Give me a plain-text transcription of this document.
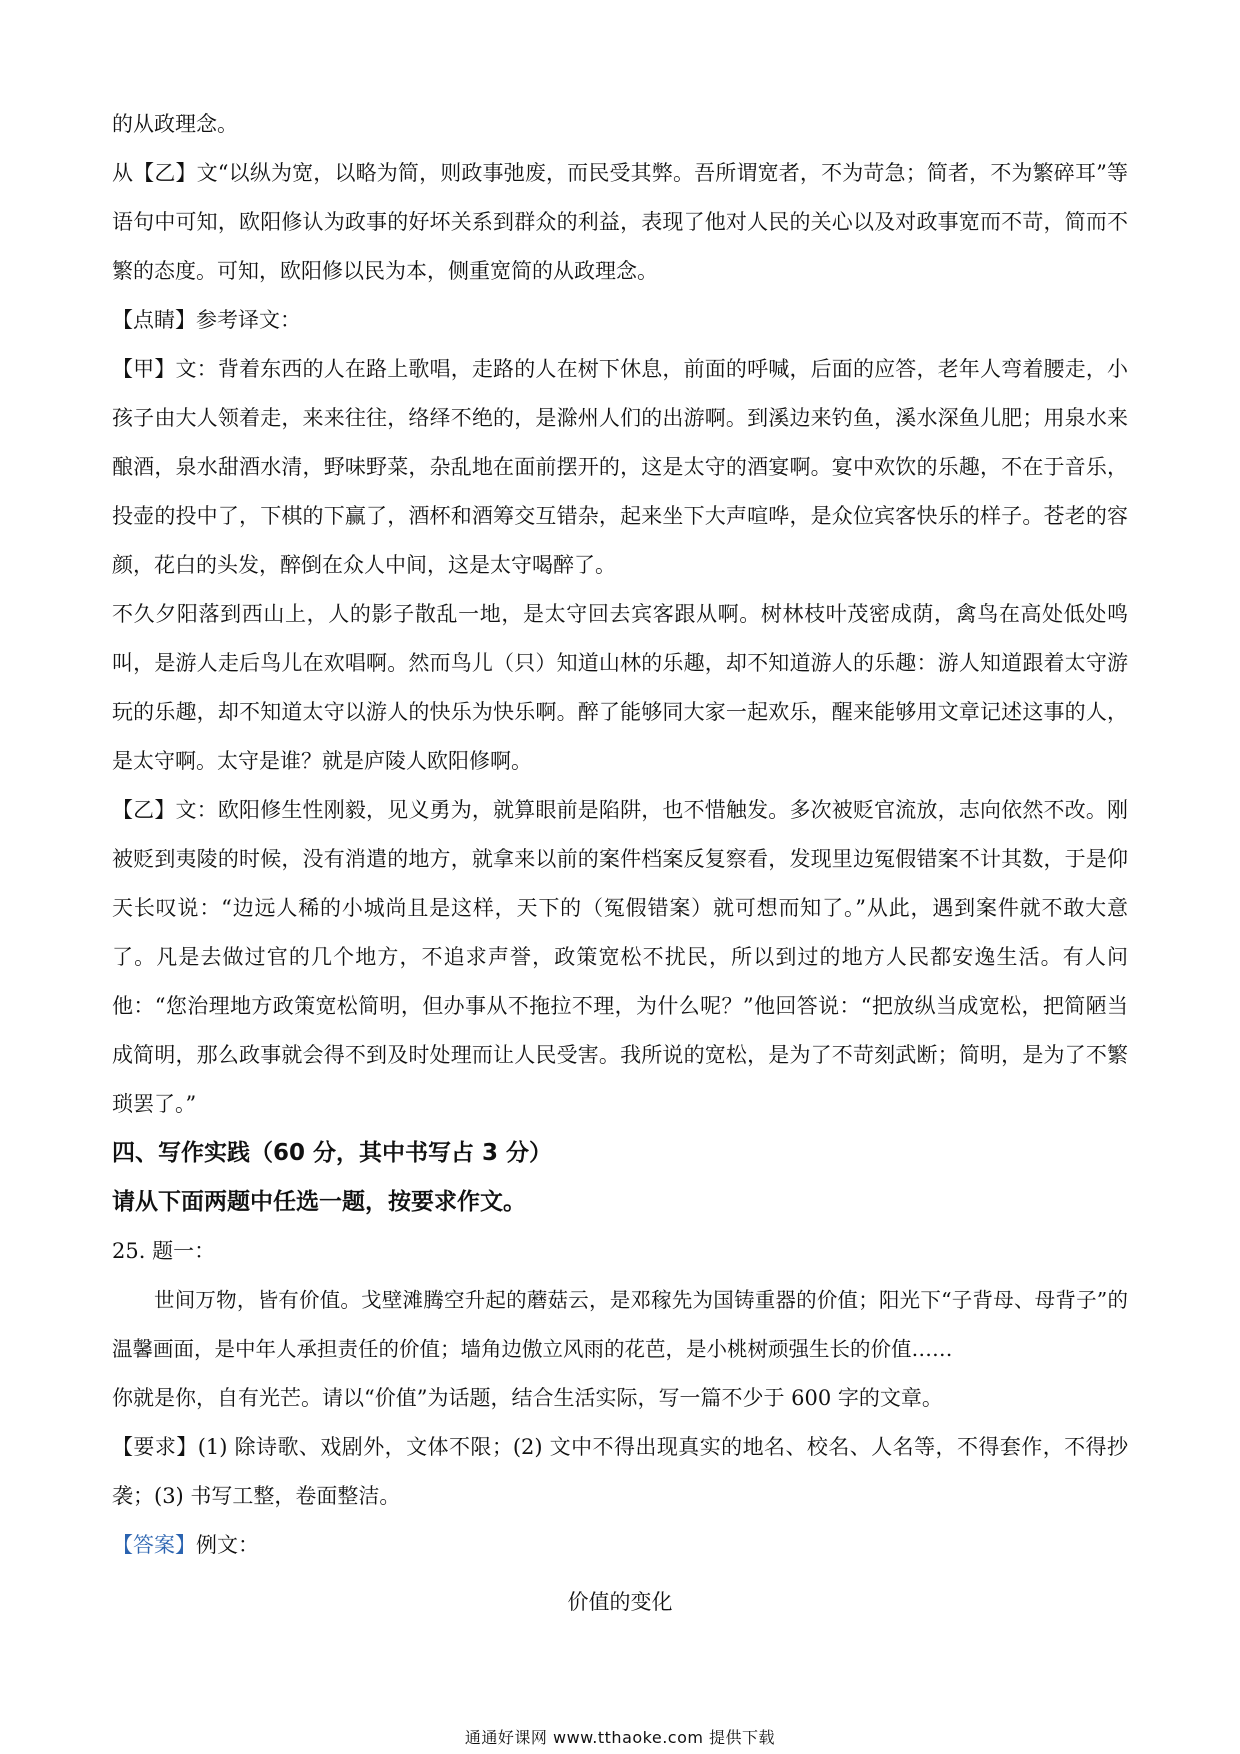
的从政理念。

从【乙】文“以纵为宽，以略为简，则政事弛废，而民受其弊。吾所谓宽者，不为苛急；简者，不为繁碎耳”等语句中可知，欧阳修认为政事的好坏关系到群众的利益，表现了他对人民的关心以及对政事宽而不苛，简而不繁的态度。可知，欧阳修以民为本，侧重宽简的从政理念。

【点睛】参考译文：

【甲】文：背着东西的人在路上歌唱，走路的人在树下休息，前面的呼喊，后面的应答，老年人弯着腰走，小孩子由大人领着走，来来往往，络绎不绝的，是滁州人们的出游啊。到溪边来钓鱼，溪水深鱼儿肥；用泉水来酿酒，泉水甜酒水清，野味野菜，杂乱地在面前摆开的，这是太守的酒宴啊。宴中欢饮的乐趣，不在于音乐，投壶的投中了，下棋的下赢了，酒杯和酒筹交互错杂，起来坐下大声喧哗，是众位宾客快乐的样子。苍老的容颜，花白的头发，醉倒在众人中间，这是太守喝醉了。

不久夕阳落到西山上，人的影子散乱一地，是太守回去宾客跟从啊。树林枝叶茂密成荫，禽鸟在高处低处鸣叫，是游人走后鸟儿在欢唱啊。然而鸟儿（只）知道山林的乐趣，却不知道游人的乐趣：游人知道跟着太守游玩的乐趣，却不知道太守以游人的快乐为快乐啊。醉了能够同大家一起欢乐，醒来能够用文章记述这事的人，是太守啊。太守是谁？就是庐陵人欧阳修啊。

【乙】文：欧阳修生性刚毅，见义勇为，就算眼前是陷阱，也不惜触发。多次被贬官流放，志向依然不改。刚被贬到夷陵的时候，没有消遣的地方，就拿来以前的案件档案反复察看，发现里边冤假错案不计其数，于是仰天长叹说：“边远人稀的小城尚且是这样，天下的（冤假错案）就可想而知了。”从此，遇到案件就不敢大意了。凡是去做过官的几个地方，不追求声誉，政策宽松不扰民，所以到过的地方人民都安逸生活。有人问他：“您治理地方政策宽松简明，但办事从不拖拉不理，为什么呢？”他回答说：“把放纵当成宽松，把简陋当成简明，那么政事就会得不到及时处理而让人民受害。我所说的宽松，是为了不苛刻武断；简明，是为了不繁琐罢了。”

四、写作实践（60 分，其中书写占 3 分）

请从下面两题中任选一题，按要求作文。

25. 题一：

世间万物，皆有价值。戈壁滩腾空升起的蘑菇云，是邓稼先为国铸重器的价值；阳光下“子背母、母背子”的温馨画面，是中年人承担责任的价值；墙角边傲立风雨的花芭，是小桃树顽强生长的价值……

你就是你，自有光芒。请以“价值”为话题，结合生活实际，写一篇不少于 600 字的文章。

【要求】(1) 除诗歌、戏剧外，文体不限；(2) 文中不得出现真实的地名、校名、人名等，不得套作，不得抄袭；(3) 书写工整，卷面整洁。

【答案】例文：

价值的变化

通通好课网 www.tthaoke.com 提供下载
